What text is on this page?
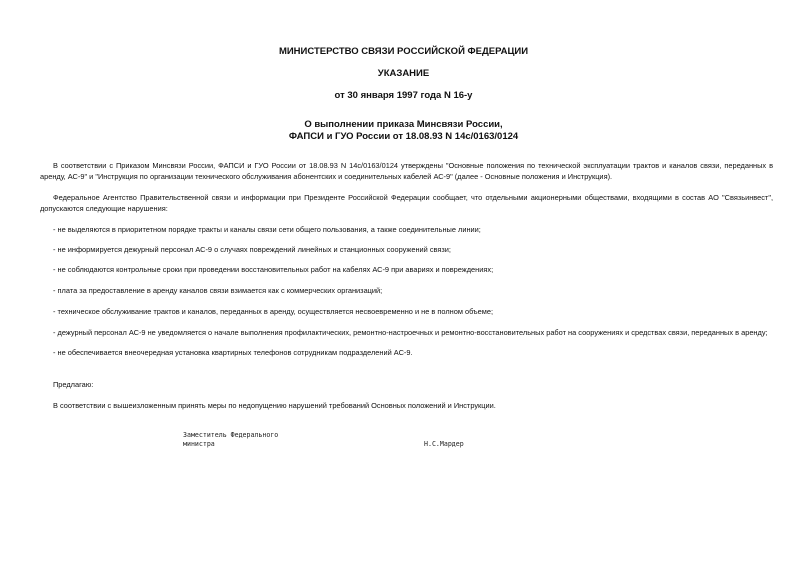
МИНИСТЕРСТВО СВЯЗИ РОССИЙСКОЙ ФЕДЕРАЦИИ
УКАЗАНИЕ
от 30 января 1997 года N 16-у
О выполнении приказа Минсвязи России,
ФАПСИ и ГУО России от 18.08.93 N 14с/0163/0124
В соответствии с Приказом Минсвязи России, ФАПСИ и ГУО России от 18.08.93 N 14с/0163/0124 утверждены "Основные положения по технической эксплуатации трактов и каналов связи, переданных в аренду, АС-9" и "Инструкция по организации технического обслуживания абонентских и соединительных кабелей АС-9" (далее - Основные положения и Инструкция).
Федеральное Агентство Правительственной связи и информации при Президенте Российской Федерации сообщает, что отдельными акционерными обществами, входящими в состав АО "Связьинвест", допускаются следующие нарушения:
- не выделяются в приоритетном порядке тракты и каналы связи сети общего пользования, а также соединительные линии;
- не информируется дежурный персонал АС-9 о случаях повреждений линейных и станционных сооружений связи;
- не соблюдаются контрольные сроки при проведении восстановительных работ на кабелях АС-9 при авариях и повреждениях;
- плата за предоставление в аренду каналов связи взимается как с коммерческих организаций;
- техническое обслуживание трактов и каналов, переданных в аренду, осуществляется несвоевременно и не в полном объеме;
- дежурный персонал АС-9 не уведомляется о начале выполнения профилактических, ремонтно-настроечных и ремонтно-восстановительных работ на сооружениях и средствах связи, переданных в аренду;
- не обеспечивается внеочередная установка квартирных телефонов сотрудникам подразделений АС-9.
Предлагаю:
В соответствии с вышеизложенным принять меры по недопущению нарушений требований Основных положений и Инструкции.
Заместитель Федерального
министра	Н.С.Мардер
